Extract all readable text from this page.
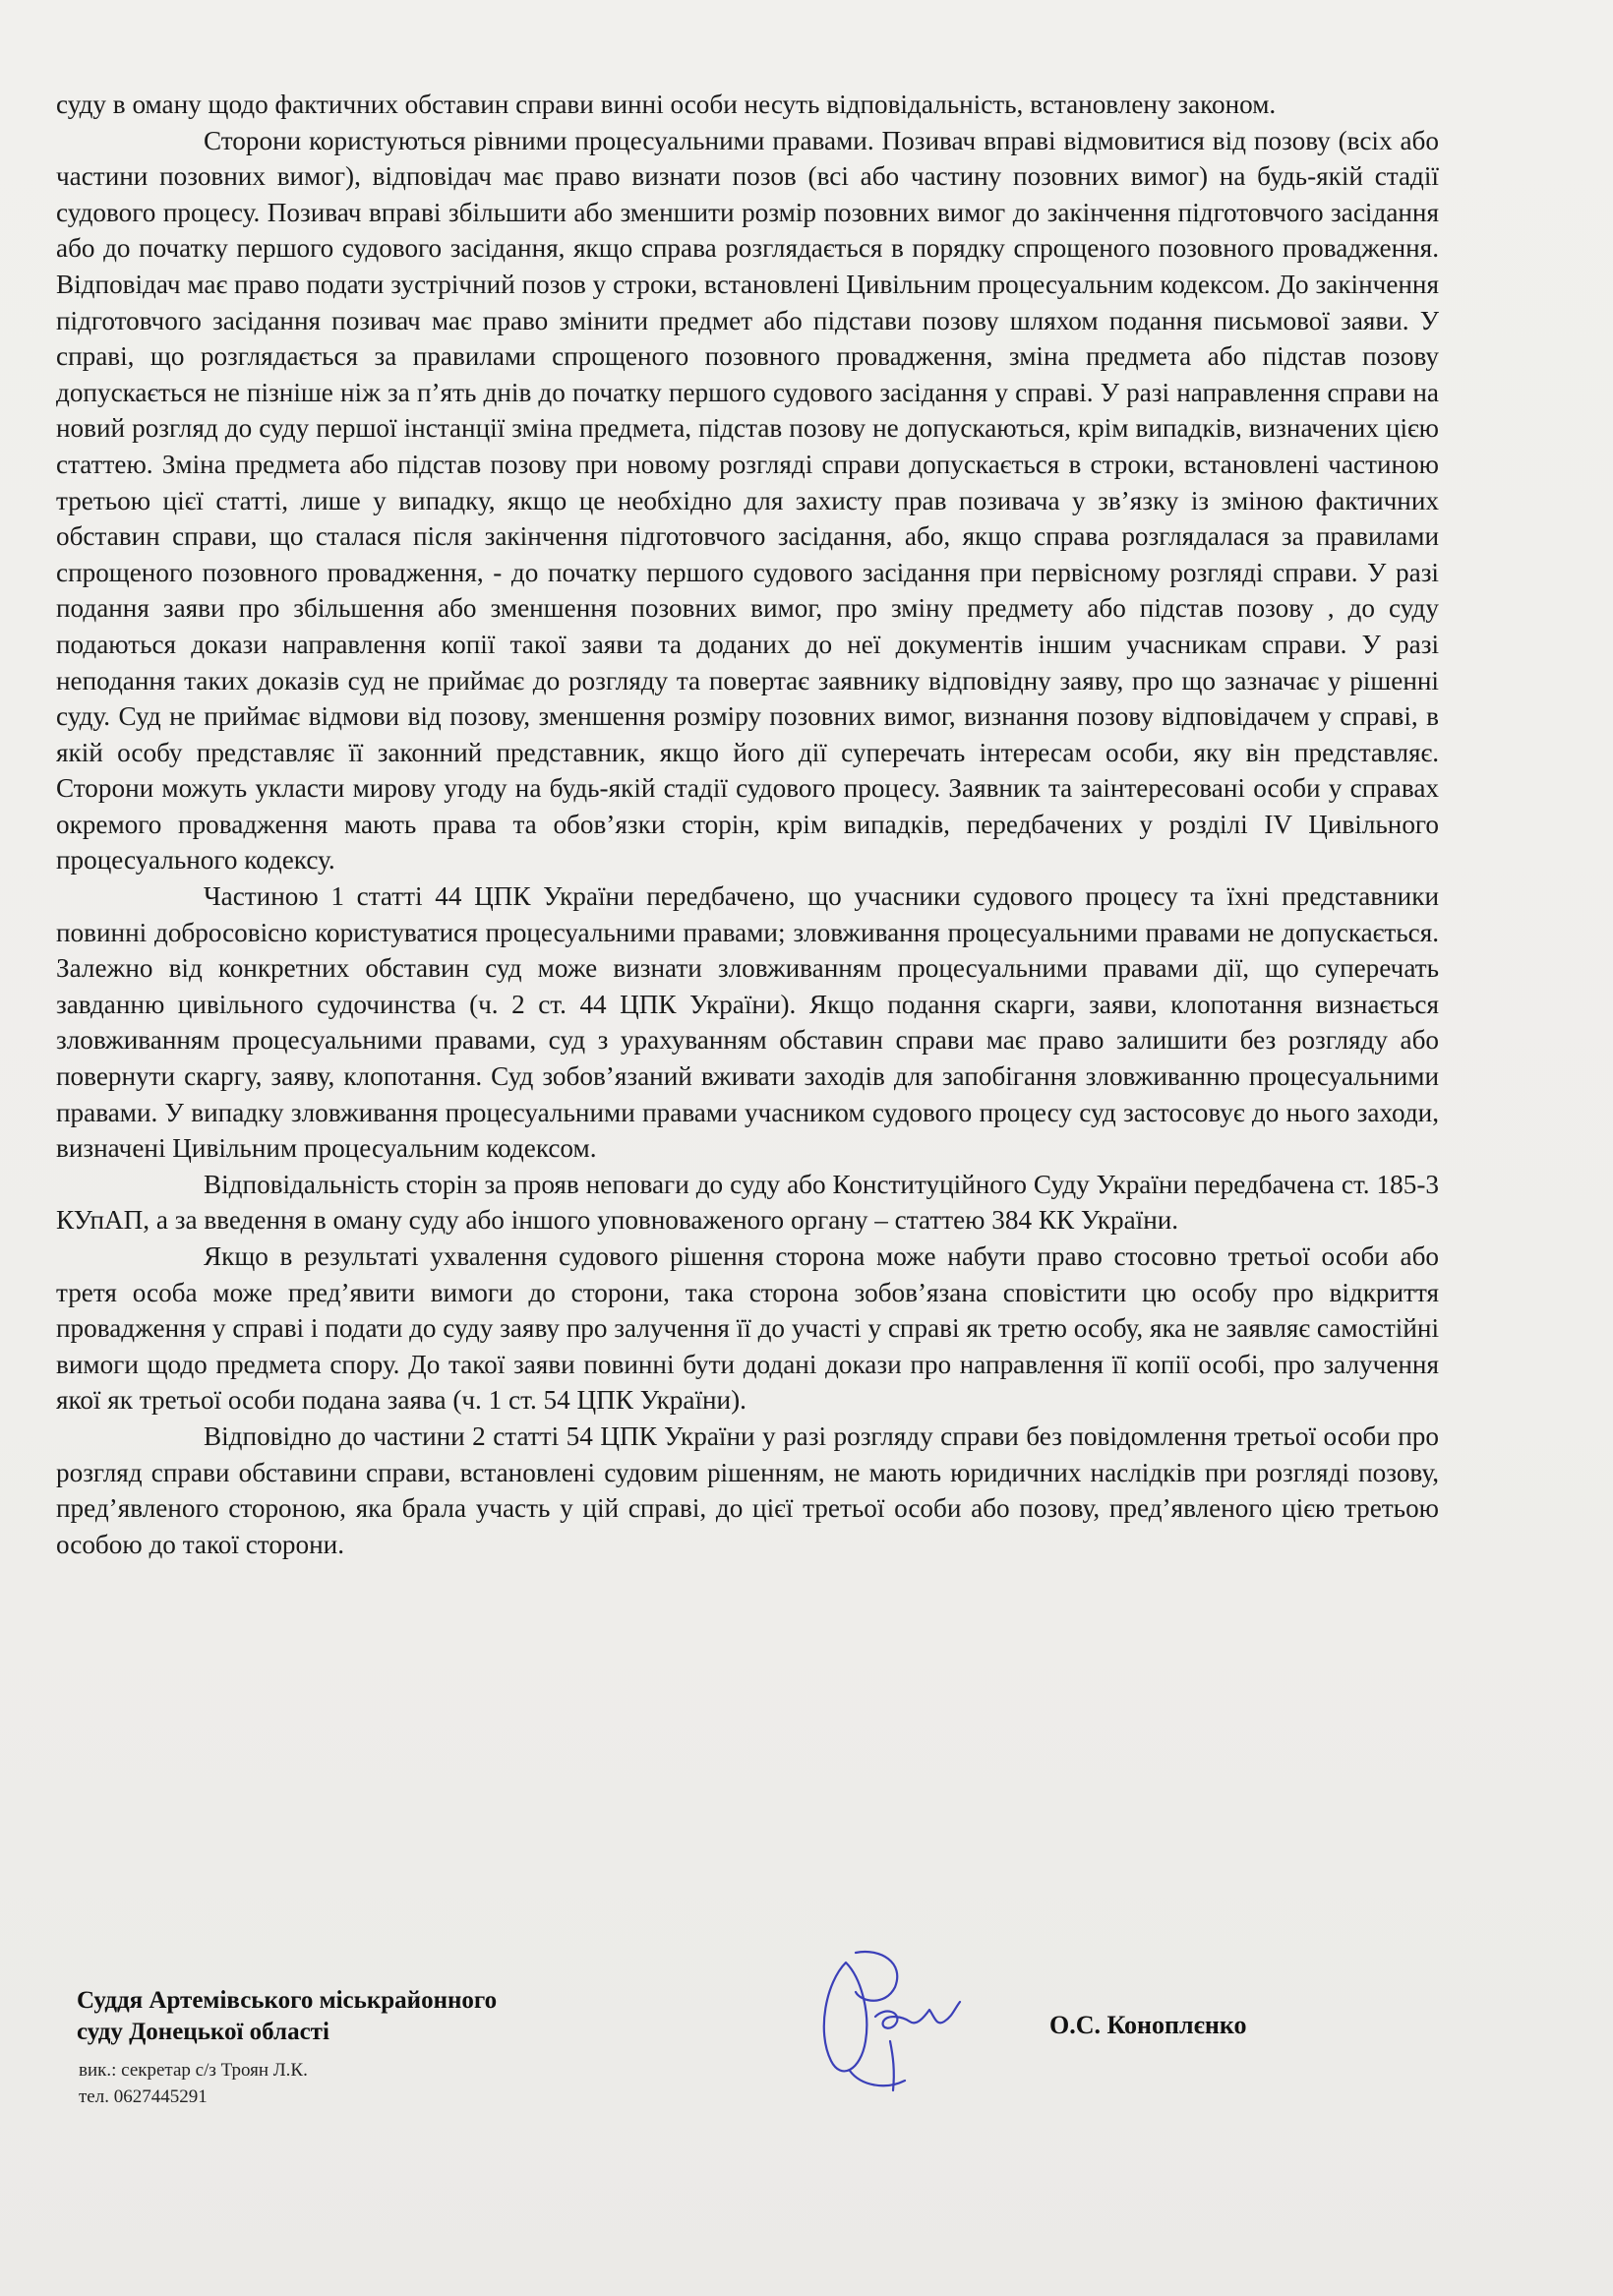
суду в оману щодо фактичних обставин справи винні особи несуть відповідальність, встановлену законом.

Сторони користуються рівними процесуальними правами. Позивач вправі відмовитися від позову (всіх або частини позовних вимог), відповідач має право визнати позов (всі або частину позовних вимог) на будь-якій стадії судового процесу. Позивач вправі збільшити або зменшити розмір позовних вимог до закінчення підготовчого засідання або до початку першого судового засідання, якщо справа розглядається в порядку спрощеного позовного провадження. Відповідач має право подати зустрічний позов у строки, встановлені Цивільним процесуальним кодексом. До закінчення підготовчого засідання позивач має право змінити предмет або підстави позову шляхом подання письмової заяви. У справі, що розглядається за правилами спрощеного позовного провадження, зміна предмета або підстав позову допускається не пізніше ніж за п’ять днів до початку першого судового засідання у справі. У разі направлення справи на новий розгляд до суду першої інстанції зміна предмета, підстав позову не допускаються, крім випадків, визначених цією статтею. Зміна предмета або підстав позову при новому розгляді справи допускається в строки, встановлені частиною третьою цієї статті, лише у випадку, якщо це необхідно для захисту прав позивача у зв’язку із зміною фактичних обставин справи, що сталася після закінчення підготовчого засідання, або, якщо справа розглядалася за правилами спрощеного позовного провадження, - до початку першого судового засідання при первісному розгляді справи. У разі подання заяви про збільшення або зменшення позовних вимог, про зміну предмету або підстав позову , до суду подаються докази направлення копії такої заяви та доданих до неї документів іншим учасникам справи. У разі неподання таких доказів суд не приймає до розгляду та повертає заявнику відповідну заяву, про що зазначає у рішенні суду. Суд не приймає відмови від позову, зменшення розміру позовних вимог, визнання позову відповідачем у справі, в якій особу представляє її законний представник, якщо його дії суперечать інтересам особи, яку він представляє. Сторони можуть укласти мирову угоду на будь-якій стадії судового процесу. Заявник та заінтересовані особи у справах окремого провадження мають права та обов’язки сторін, крім випадків, передбачених у розділі IV Цивільного процесуального кодексу.

Частиною 1 статті 44 ЦПК України передбачено, що учасники судового процесу та їхні представники повинні добросовісно користуватися процесуальними правами; зловживання процесуальними правами не допускається. Залежно від конкретних обставин суд може визнати зловживанням процесуальними правами дії, що суперечать завданню цивільного судочинства (ч. 2 ст. 44 ЦПК України). Якщо подання скарги, заяви, клопотання визнається зловживанням процесуальними правами, суд з урахуванням обставин справи має право залишити без розгляду або повернути скаргу, заяву, клопотання. Суд зобов’язаний вживати заходів для запобігання зловживанню процесуальними правами. У випадку зловживання процесуальними правами учасником судового процесу суд застосовує до нього заходи, визначені Цивільним процесуальним кодексом.

Відповідальність сторін за прояв неповаги до суду або Конституційного Суду України передбачена ст. 185-3 КУпАП, а за введення в оману суду або іншого уповноваженого органу – статтею 384 КК України.

Якщо в результаті ухвалення судового рішення сторона може набути право стосовно третьої особи або третя особа може пред’явити вимоги до сторони, така сторона зобов’язана сповістити цю особу про відкриття провадження у справі і подати до суду заяву про залучення її до участі у справі як третю особу, яка не заявляє самостійні вимоги щодо предмета спору. До такої заяви повинні бути додані докази про направлення її копії особі, про залучення якої як третьої особи подана заява (ч. 1 ст. 54 ЦПК України).

Відповідно до частини 2 статті 54 ЦПК України у разі розгляду справи без повідомлення третьої особи про розгляд справи обставини справи, встановлені судовим рішенням, не мають юридичних наслідків при розгляді позову, пред’явленого стороною, яка брала участь у цій справі, до цієї третьої особи або позову, пред’явленого цією третьою особою до такої сторони.

Суддя Артемівського міськрайонного
суду Донецької області
вик.: секретар с/з Троян Л.К.
тел. 0627445291
О.С. Коноплєнко
